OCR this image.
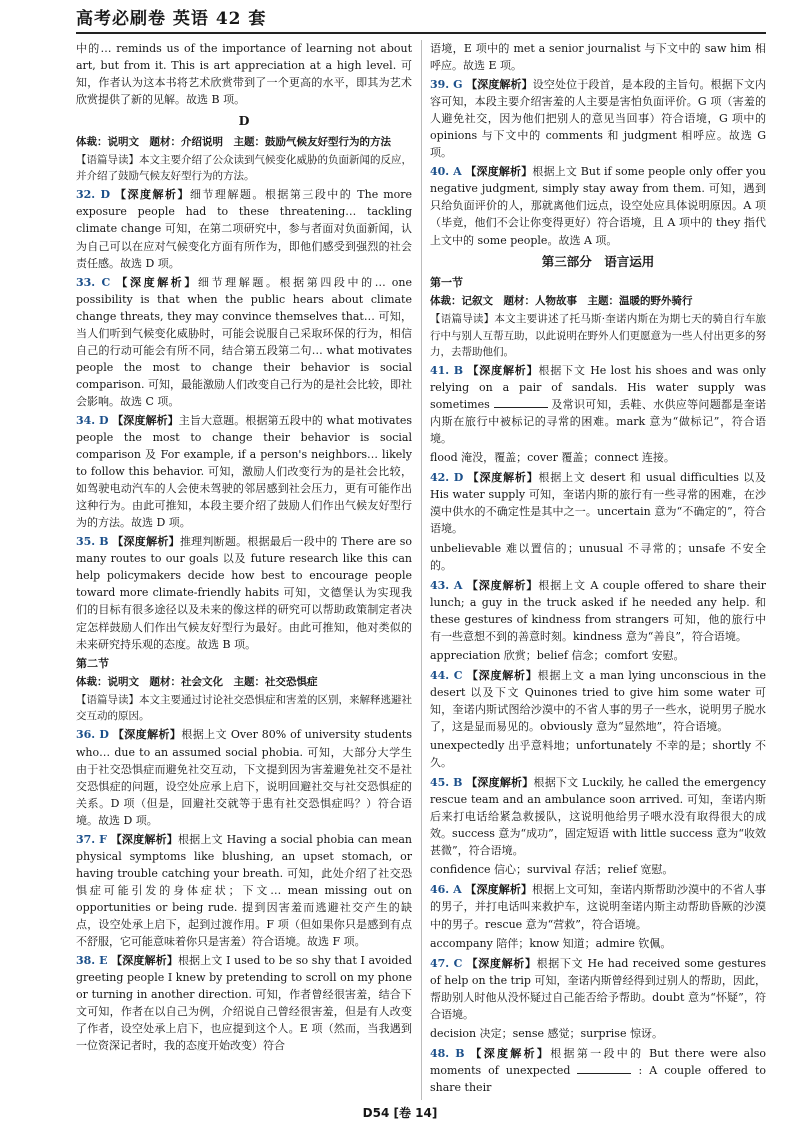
高考必刷卷 英语 42 套

中的… reminds us of the importance of learning not about art, but from it. This is art appreciation at a high level. 可知，作者认为这本书将艺术欣赏带到了一个更高的水平，即其为艺术欣赏提供了新的见解。故选 B 项。

D

体裁：说明文　题材：介绍说明　主题：鼓励气候友好型行为的方法

【语篇导读】本文主要介绍了公众读到气候变化威胁的负面新闻的反应，并介绍了鼓励气候友好型行为的方法。

32. D 【深度解析】细节理解题。根据第三段中的 The more exposure people had to these threatening… tackling climate change 可知，在第二项研究中，参与者面对负面新闻，认为自己可以在应对气候变化方面有所作为，即他们感受到强烈的社会责任感。故选 D 项。

33. C 【深度解析】细节理解题。根据第四段中的… one possibility is that when the public hears about climate change threats, they may convince themselves that… 可知，当人们听到气候变化威胁时，可能会说服自己采取环保的行为，相信自己的行动可能会有所不同，结合第五段第二句… what motivates people the most to change their behavior is social comparison. 可知，最能激励人们改变自己行为的是社会比较，即社会影响。故选 C 项。

34. D 【深度解析】主旨大意题。根据第五段中的 what motivates people the most to change their behavior is social comparison 及 For example, if a person's neighbors… likely to follow this behavior. 可知，激励人们改变行为的是社会比较，如驾驶电动汽车的人会使未驾驶的邻居感到社会压力，更有可能作出这种行为。由此可推知，本段主要介绍了鼓励人们作出气候友好型行为的方法。故选 D 项。

35. B 【深度解析】推理判断题。根据最后一段中的 There are so many routes to our goals 以及 future research like this can help policymakers decide how best to encourage people toward more climate-friendly habits 可知，文德堡认为实现我们的目标有很多途径以及未来的像这样的研究可以帮助政策制定者决定怎样鼓励人们作出气候友好型行为最好。由此可推知，他对类似的未来研究持乐观的态度。故选 B 项。

第二节

体裁：说明文　题材：社会文化　主题：社交恐惧症

【语篇导读】本文主要通过讨论社交恐惧症和害羞的区别，来解释逃避社交互动的原因。

36. D 【深度解析】根据上文 Over 80% of university students who… due to an assumed social phobia. 可知，大部分大学生由于社交恐惧症而避免社交互动，下文提到因为害羞避免社交不是社交恐惧症的问题，设空处应承上启下，说明回避社交与社交恐惧症的关系。D 项（但是，回避社交就等于患有社交恐惧症吗？）符合语境。故选 D 项。

37. F 【深度解析】根据上文 Having a social phobia can mean physical symptoms like blushing, an upset stomach, or having trouble catching your breath. 可知，此处介绍了社交恐惧症可能引发的身体症状；下文… mean missing out on opportunities or being rude. 提到因害羞而逃避社交产生的缺点，设空处承上启下，起到过渡作用。F 项（但如果你只是感到有点不舒服，它可能意味着你只是害羞）符合语境。故选 F 项。

38. E 【深度解析】根据上文 I used to be so shy that I avoided greeting people I knew by pretending to scroll on my phone or turning in another direction. 可知，作者曾经很害羞，结合下文可知，作者在以自己为例，介绍说自己曾经很害羞，但是有人改变了作者，设空处承上启下，也应提到这个人。E 项（然而，当我遇到一位资深记者时，我的态度开始改变）符合

语境，E 项中的 met a senior journalist 与下文中的 saw him 相呼应。故选 E 项。

39. G 【深度解析】设空处位于段首，是本段的主旨句。根据下文内容可知，本段主要介绍害羞的人主要是害怕负面评价。G 项（害羞的人避免社交，因为他们把别人的意见当回事）符合语境，G 项中的 opinions 与下文中的 comments 和 judgment 相呼应。故选 G 项。

40. A 【深度解析】根据上文 But if some people only offer you negative judgment, simply stay away from them. 可知，遇到只给负面评价的人，那就离他们远点，设空处应具体说明原因。A 项（毕竟，他们不会让你变得更好）符合语境，且 A 项中的 they 指代上文中的 some people。故选 A 项。

第三部分　语言运用

第一节

体裁：记叙文　题材：人物故事　主题：温暖的野外骑行

【语篇导读】本文主要讲述了托马斯·奎诺内斯在为期七天的骑自行车旅行中与别人互帮互助，以此说明在野外人们更愿意为一些人付出更多的努力，去帮助他们。

41. B 【深度解析】根据下文 He lost his shoes and was only relying on a pair of sandals. His water supply was sometimes	及常识可知，丢鞋、水供应等问题都是奎诺内斯在旅行中被标记的寻常的困难。mark 意为“做标记”，符合语境。

flood 淹没，覆盖；cover 覆盖；connect 连接。

42. D 【深度解析】根据上文 desert 和 usual difficulties 以及 His water supply 可知，奎诺内斯的旅行有一些寻常的困难，在沙漠中供水的不确定性是其中之一。uncertain 意为“不确定的”，符合语境。

unbelievable 难以置信的；unusual 不寻常的；unsafe 不安全的。

43. A 【深度解析】根据上文 A couple offered to share their lunch; a guy in the truck asked if he needed any help. 和 these gestures of kindness from strangers 可知，他的旅行中有一些意想不到的善意时刻。kindness 意为“善良”，符合语境。

appreciation 欣赏；belief 信念；comfort 安慰。

44. C 【深度解析】根据上文 a man lying unconscious in the desert 以及下文 Quinones tried to give him some water 可知，奎诺内斯试图给沙漠中的不省人事的男子一些水，说明男子脱水了，这是显而易见的。obviously 意为“显然地”，符合语境。

unexpectedly 出乎意料地；unfortunately 不幸的是；shortly 不久。

45. B 【深度解析】根据下文 Luckily, he called the emergency rescue team and an ambulance soon arrived. 可知，奎诺内斯后来打电话给紧急救援队，这说明他给男子喂水没有取得很大的成效。success 意为“成功”，固定短语 with little success 意为“收效甚微”，符合语境。

confidence 信心；survival 存活；relief 宽慰。

46. A 【深度解析】根据上文可知，奎诺内斯帮助沙漠中的不省人事的男子，并打电话叫来救护车，这说明奎诺内斯主动帮助昏厥的沙漠中的男子。rescue 意为“营救”，符合语境。

accompany 陪伴；know 知道；admire 钦佩。

47. C 【深度解析】根据下文 He had received some gestures of help on the trip 可知，奎诺内斯曾经得到过别人的帮助，因此，帮助别人时他从没怀疑过自己能否给予帮助。doubt 意为“怀疑”，符合语境。

decision 决定；sense 感觉；surprise 惊讶。

48. B 【深度解析】根据第一段中的 But there were also moments of unexpected	: A couple offered to share their

D54 [卷 14]
